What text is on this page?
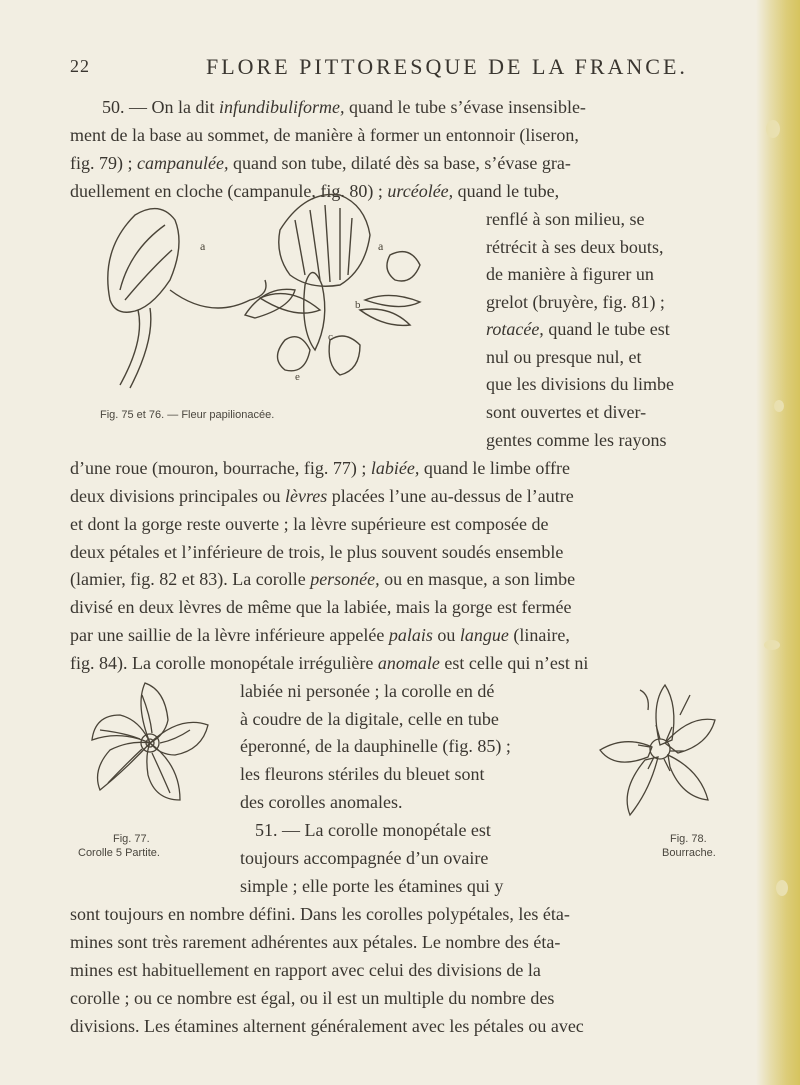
22	FLORE PITTORESQUE DE LA FRANCE.
50. — On la dit infundibuliforme, quand le tube s’évase insensible-
ment de la base au sommet, de manière à former un entonnoir (liseron,
fig. 79) ; campanulée, quand son tube, dilaté dès sa base, s’évase gra-
duellement en cloche (campanule, fig. 80) ; urcéolée, quand le tube,
renflé à son milieu, se
rétrécit à ses deux bouts,
de manière à figurer un
grelot (bruyère, fig. 81) ;
rotacée, quand le tube est
nul ou presque nul, et
que les divisions du limbe
sont ouvertes et diver-
gentes comme les rayons
a	a
b
c
e
Fig. 75 et 76. — Fleur papilionacée.
d’une roue (mouron, bourrache, fig. 77) ; labiée, quand le limbe offre
deux divisions principales ou lèvres placées l’une au-dessus de l’autre
et dont la gorge reste ouverte ; la lèvre supérieure est composée de
deux pétales et l’inférieure de trois, le plus souvent soudés ensemble
(lamier, fig. 82 et 83). La corolle personée, ou en masque, a son limbe
divisé en deux lèvres de même que la labiée, mais la gorge est fermée
par une saillie de la lèvre inférieure appelée palais ou langue (linaire,
fig. 84). La corolle monopétale irrégulière anomale est celle qui n’est ni
labiée ni personée ; la corolle en dé
à coudre de la digitale, celle en tube
éperonné, de la dauphinelle (fig. 85) ;
les fleurons stériles du bleuet sont
des corolles anomales.
51. — La corolle monopétale est
toujours accompagnée d’un ovaire
simple ; elle porte les étamines qui y
Fig. 77.
Corolle 5 Partite.
Fig. 78.
Bourrache.
sont toujours en nombre défini. Dans les corolles polypétales, les éta-
mines sont très rarement adhérentes aux pétales. Le nombre des éta-
mines est habituellement en rapport avec celui des divisions de la
corolle ; ou ce nombre est égal, ou il est un multiple du nombre des
divisions. Les étamines alternent généralement avec les pétales ou avec
